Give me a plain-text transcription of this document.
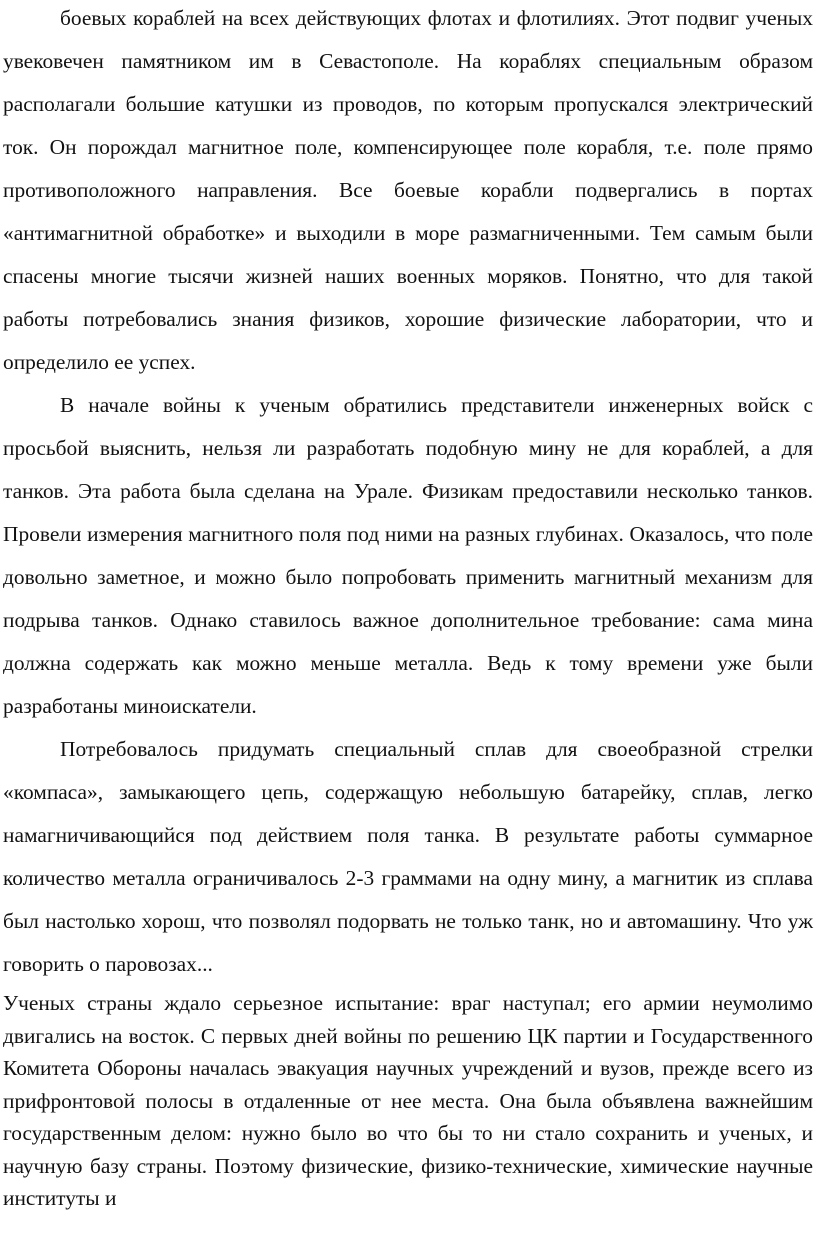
боевых кораблей на всех действующих флотах и флотилиях. Этот подвиг ученых увековечен памятником им в Севастополе. На кораблях специальным образом располагали большие катушки из проводов, по которым пропускался электрический ток. Он порождал магнитное поле, компенсирующее поле корабля, т.е. поле прямо противоположного направления. Все боевые корабли подвергались в портах «антимагнитной обработке» и выходили в море размагниченными. Тем самым были спасены многие тысячи жизней наших военных моряков. Понятно, что для такой работы потребовались знания физиков, хорошие физические лаборатории, что и определило ее успех.

В начале войны к ученым обратились представители инженерных войск с просьбой выяснить, нельзя ли разработать подобную мину не для кораблей, а для танков. Эта работа была сделана на Урале. Физикам предоставили несколько танков. Провели измерения магнитного поля под ними на разных глубинах. Оказалось, что поле довольно заметное, и можно было попробовать применить магнитный механизм для подрыва танков. Однако ставилось важное дополнительное требование: сама мина должна содержать как можно меньше металла. Ведь к тому времени уже были разработаны миноискатели.

Потребовалось придумать специальный сплав для своеобразной стрелки «компаса», замыкающего цепь, содержащую небольшую батарейку, сплав, легко намагничивающийся под действием поля танка. В результате работы суммарное количество металла ограничивалось 2-3 граммами на одну мину, а магнитик из сплава был настолько хорош, что позволял подорвать не только танк, но и автомашину. Что уж говорить о паровозах...

Ученых страны ждало серьезное испытание: враг наступал; его армии неумолимо двигались на восток. С первых дней войны по решению ЦК партии и Государственного Комитета Обороны началась эвакуация научных учреждений и вузов, прежде всего из прифронтовой полосы в отдаленные от нее места. Она была объявлена важнейшим государственным делом: нужно было во что бы то ни стало сохранить и ученых, и научную базу страны. Поэтому физические, физико-технические, химические научные институты и
